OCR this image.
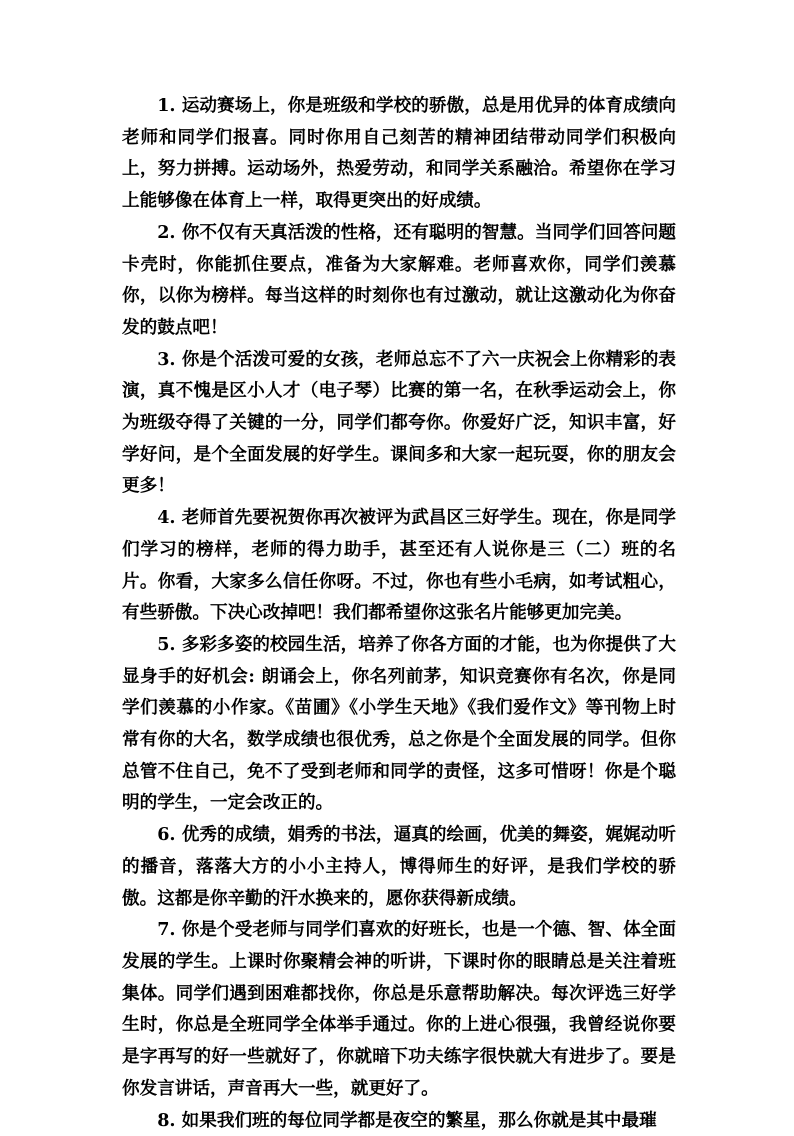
1. 运动赛场上，你是班级和学校的骄傲，总是用优异的体育成绩向老师和同学们报喜。同时你用自己刻苦的精神团结带动同学们积极向上，努力拼搏。运动场外，热爱劳动，和同学关系融洽。希望你在学习上能够像在体育上一样，取得更突出的好成绩。

2. 你不仅有天真活泼的性格，还有聪明的智慧。当同学们回答问题卡壳时，你能抓住要点，准备为大家解难。老师喜欢你，同学们羡慕你，以你为榜样。每当这样的时刻你也有过激动，就让这激动化为你奋发的鼓点吧！

3. 你是个活泼可爱的女孩，老师总忘不了六一庆祝会上你精彩的表演，真不愧是区小人才（电子琴）比赛的第一名，在秋季运动会上，你为班级夺得了关键的一分，同学们都夸你。你爱好广泛，知识丰富，好学好问，是个全面发展的好学生。课间多和大家一起玩耍，你的朋友会更多！

4. 老师首先要祝贺你再次被评为武昌区三好学生。现在，你是同学们学习的榜样，老师的得力助手，甚至还有人说你是三（二）班的名片。你看，大家多么信任你呀。不过，你也有些小毛病，如考试粗心，有些骄傲。下决心改掉吧！我们都希望你这张名片能够更加完美。

5. 多彩多姿的校园生活，培养了你各方面的才能，也为你提供了大显身手的好机会: 朗诵会上，你名列前茅，知识竞赛你有名次，你是同学们羡慕的小作家。《苗圃》《小学生天地》《我们爱作文》等刊物上时常有你的大名，数学成绩也很优秀，总之你是个全面发展的同学。但你总管不住自己，免不了受到老师和同学的责怪，这多可惜呀！你是个聪明的学生，一定会改正的。

6. 优秀的成绩，娟秀的书法，逼真的绘画，优美的舞姿，娓娓动听的播音，落落大方的小小主持人，博得师生的好评，是我们学校的骄傲。这都是你辛勤的汗水换来的，愿你获得新成绩。

7. 你是个受老师与同学们喜欢的好班长，也是一个德、智、体全面发展的学生。上课时你聚精会神的听讲，下课时你的眼睛总是关注着班集体。同学们遇到困难都找你，你总是乐意帮助解决。每次评选三好学生时，你总是全班同学全体举手通过。你的上进心很强，我曾经说你要是字再写的好一些就好了，你就暗下功夫练字很快就大有进步了。要是你发言讲话，声音再大一些，就更好了。

8. 如果我们班的每位同学都是夜空的繁星，那么你就是其中最璀
